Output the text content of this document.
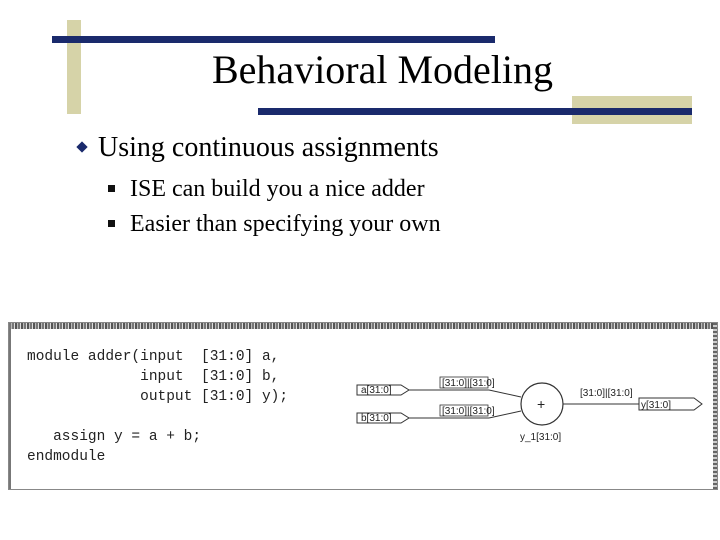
Behavioral Modeling
Using continuous assignments
ISE can build you a nice adder
Easier than specifying your own
module adder(input  [31:0] a,
input  [31:0] b,
output [31:0] y);

assign y = a + b;
endmodule
a[31:0]
b[31:0]
[31:0]|[31:0]
[31:0]|[31:0]	+
[31:0]|[31:0]
y[31:0]
y_1[31:0]
